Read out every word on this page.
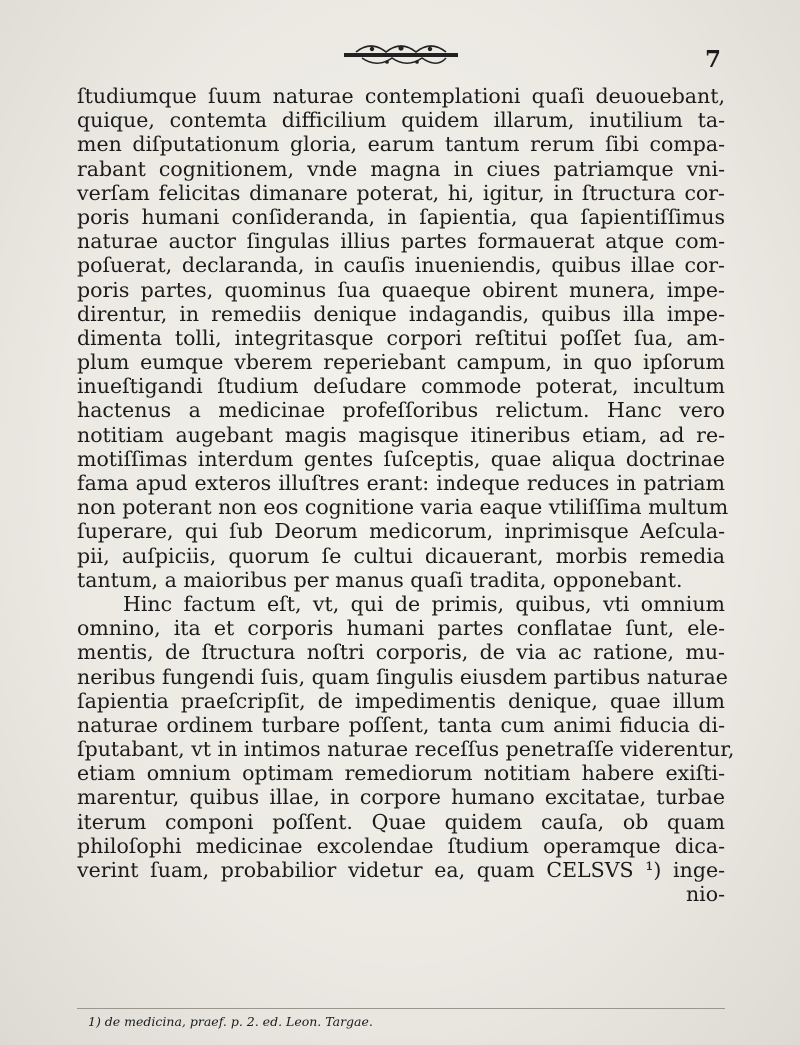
7
ſtudiumque ſuum naturae contemplationi quaſi deuouebant,
quique, contemta difficilium quidem illarum, inutilium ta-
men diſputationum gloria, earum tantum rerum ſibi compa-
rabant cognitionem, vnde magna in ciues patriamque vni-
verſam felicitas dimanare poterat, hi, igitur, in ſtructura cor-
poris humani conſideranda, in ſapientia, qua ſapientiſſimus
naturae auctor ſingulas illius partes formauerat atque com-
poſuerat, declaranda, in cauſis inueniendis, quibus illae cor-
poris partes, quominus ſua quaeque obirent munera, impe-
direntur, in remediis denique indagandis, quibus illa impe-
dimenta tolli, integritasque corpori reſtitui poſſet ſua, am-
plum eumque vberem reperiebant campum, in quo ipſorum
inueſtigandi ſtudium deſudare commode poterat, incultum
hactenus a medicinae profeſſoribus relictum. Hanc vero
notitiam augebant magis magisque itineribus etiam, ad re-
motiſſimas interdum gentes ſuſceptis, quae aliqua doctrinae
fama apud exteros illuſtres erant: indeque reduces in patriam
non poterant non eos cognitione varia eaque vtiliſſima multum
ſuperare, qui ſub Deorum medicorum, inprimisque Aeſcula-
pii, auſpiciis, quorum ſe cultui dicauerant, morbis remedia
tantum, a maioribus per manus quaſi tradita, opponebant.
Hinc factum eſt, vt, qui de primis, quibus, vti omnium
omnino, ita et corporis humani partes conflatae ſunt, ele-
mentis, de ſtructura noſtri corporis, de via ac ratione, mu-
neribus fungendi ſuis, quam ſingulis eiusdem partibus naturae
ſapientia praeſcripſit, de impedimentis denique, quae illum
naturae ordinem turbare poſſent, tanta cum animi fiducia di-
ſputabant, vt in intimos naturae receſſus penetraſſe viderentur,
etiam omnium optimam remediorum notitiam habere exiſti-
marentur, quibus illae, in corpore humano excitatae, turbae
iterum componi poſſent. Quae quidem cauſa, ob quam
philoſophi medicinae excolendae ſtudium operamque dica-
verint ſuam, probabilior videtur ea, quam CELSVS ¹) inge-
nio-
1) de medicina, praef. p. 2. ed. Leon. Targae.
